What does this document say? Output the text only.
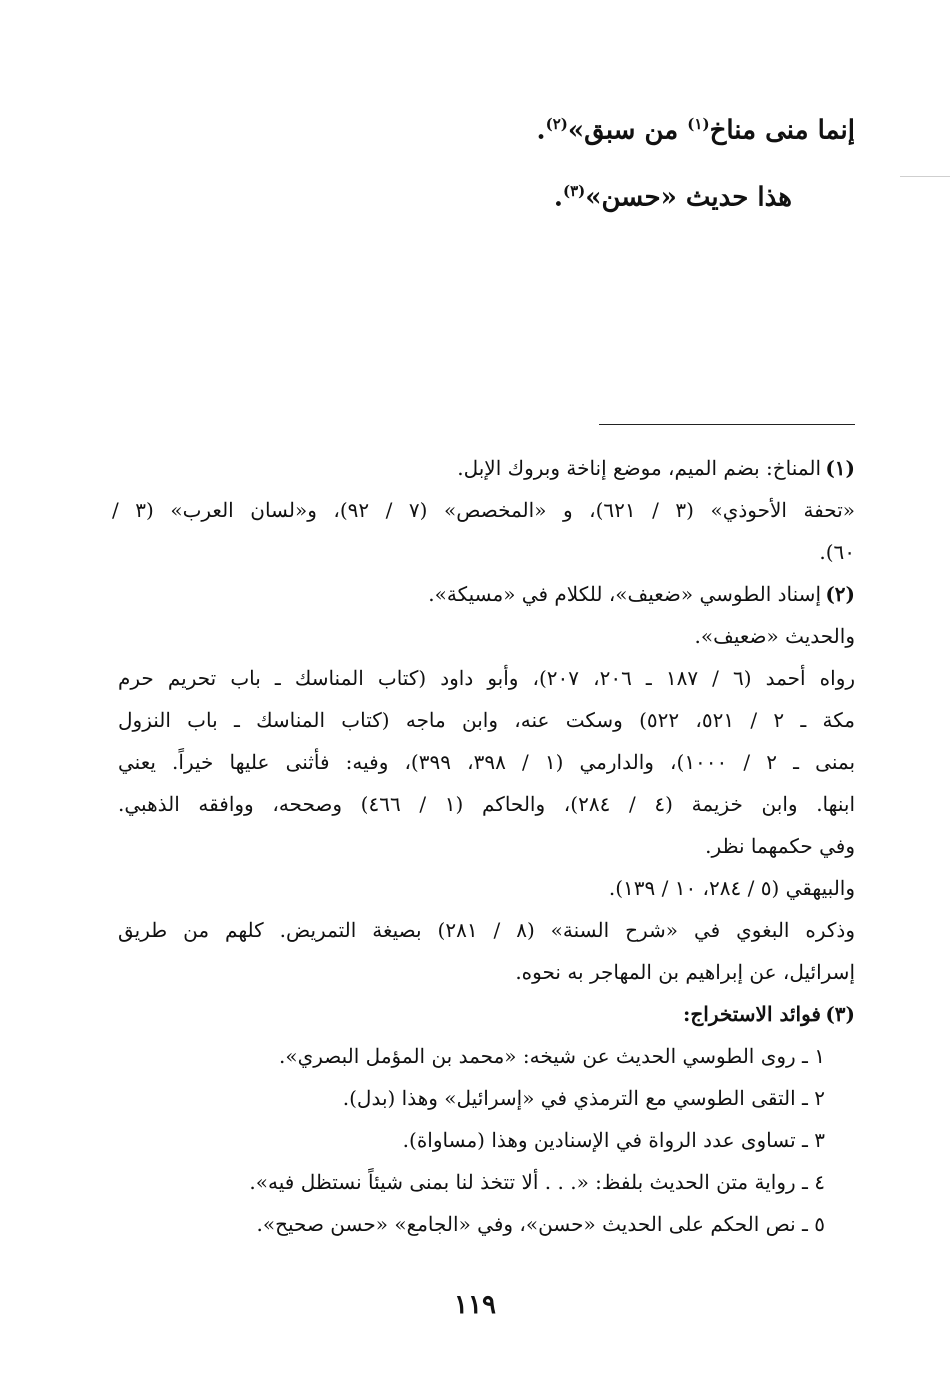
إنما منى مناخ$^{(١)}$ من سبق»$^{(٢)}$.
هذا حديث «حسن»$^{(٣)}$.
(١)المناخ: بضم الميم، موضع إناخة وبروك الإبل.
«تحفة الأحوذي» (٣ / ٦٢١)، و «المخصص» (٧ / ٩٢)، و«لسان العرب» (٣ /
٦٠).
(٢)إسناد الطوسي «ضعيف»، للكلام في «مسيكة».
والحديث «ضعيف».
رواه أحمد (٦ / ١٨٧ ـ ٢٠٦، ٢٠٧)، وأبو داود (كتاب المناسك ـ باب تحريم حرم
مكة ـ ٢ / ٥٢١، ٥٢٢) وسكت عنه، وابن ماجه (كتاب المناسك ـ باب النزول
بمنى ـ ٢ / ١٠٠٠)، والدارمي (١ / ٣٩٨، ٣٩٩)، وفيه: فأثنى عليها خيراً. يعني
ابنها. وابن خزيمة (٤ / ٢٨٤)، والحاكم (١ / ٤٦٦) وصححه، ووافقه الذهبي.
وفي حكمهما نظر.
والبيهقي (٥ / ٢٨٤، ١٠ / ١٣٩).
وذكره البغوي في «شرح السنة» (٨ / ٢٨١) بصيغة التمريض. كلهم من طريق
إسرائيل، عن إبراهيم بن المهاجر به نحوه.
(٣)فوائد الاستخراج:
١ ـ روى الطوسي الحديث عن شيخه: «محمد بن المؤمل البصري».
٢ ـ التقى الطوسي مع الترمذي في «إسرائيل» وهذا (بدل).
٣ ـ تساوى عدد الرواة في الإسنادين وهذا (مساواة).
٤ ـ رواية متن الحديث بلفظ: «. . . ألا تتخذ لنا بمنى شيئاً نستظل فيه».
٥ ـ نص الحكم على الحديث «حسن»، وفي «الجامع» «حسن صحيح».
١١٩
